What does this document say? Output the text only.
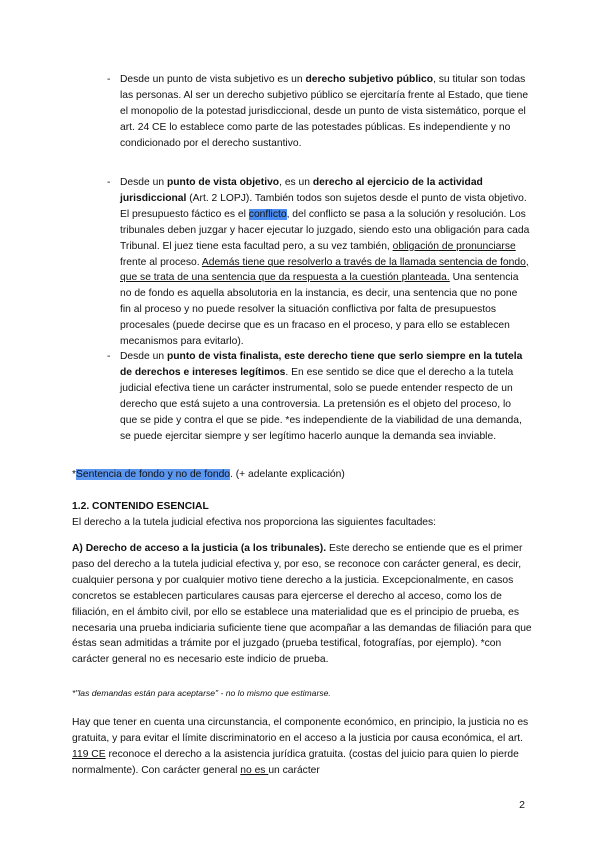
- Desde un punto de vista subjetivo es un derecho subjetivo público, su titular son todas las personas. Al ser un derecho subjetivo público se ejercitaría frente al Estado, que tiene el monopolio de la potestad jurisdiccional, desde un punto de vista sistemático, porque el art. 24 CE lo establece como parte de las potestades públicas. Es independiente y no condicionado por el derecho sustantivo.
- Desde un punto de vista objetivo, es un derecho al ejercicio de la actividad jurisdiccional (Art. 2 LOPJ). También todos son sujetos desde el punto de vista objetivo. El presupuesto fáctico es el conflicto, del conflicto se pasa a la solución y resolución. Los tribunales deben juzgar y hacer ejecutar lo juzgado, siendo esto una obligación para cada Tribunal. El juez tiene esta facultad pero, a su vez también, obligación de pronunciarse frente al proceso. Además tiene que resolverlo a través de la llamada sentencia de fondo, que se trata de una sentencia que da respuesta a la cuestión planteada. Una sentencia no de fondo es aquella absolutoria en la instancia, es decir, una sentencia que no pone fin al proceso y no puede resolver la situación conflictiva por falta de presupuestos procesales (puede decirse que es un fracaso en el proceso, y para ello se establecen mecanismos para evitarlo).
- Desde un punto de vista finalista, este derecho tiene que serlo siempre en la tutela de derechos e intereses legítimos. En ese sentido se dice que el derecho a la tutela judicial efectiva tiene un carácter instrumental, solo se puede entender respecto de un derecho que está sujeto a una controversia. La pretensión es el objeto del proceso, lo que se pide y contra el que se pide. *es independiente de la viabilidad de una demanda, se puede ejercitar siempre y ser legítimo hacerlo aunque la demanda sea inviable.
*Sentencia de fondo y no de fondo. (+ adelante explicación)
1.2. CONTENIDO ESENCIAL
El derecho a la tutela judicial efectiva nos proporciona las siguientes facultades:
A) Derecho de acceso a la justicia (a los tribunales). Este derecho se entiende que es el primer paso del derecho a la tutela judicial efectiva y, por eso, se reconoce con carácter general, es decir, cualquier persona y por cualquier motivo tiene derecho a la justicia. Excepcionalmente, en casos concretos se establecen particulares causas para ejercerse el derecho al acceso, como los de filiación, en el ámbito civil, por ello se establece una materialidad que es el principio de prueba, es necesaria una prueba indiciaria suficiente tiene que acompañar a las demandas de filiación para que éstas sean admitidas a trámite por el juzgado (prueba testifical, fotografías, por ejemplo). *con carácter general no es necesario este indicio de prueba.
*"las demandas están para aceptarse" - no lo mismo que estimarse.
Hay que tener en cuenta una circunstancia, el componente económico, en principio, la justicia no es gratuita, y para evitar el límite discriminatorio en el acceso a la justicia por causa económica, el art. 119 CE reconoce el derecho a la asistencia jurídica gratuita. (costas del juicio para quien lo pierde normalmente). Con carácter general no es un carácter
2
